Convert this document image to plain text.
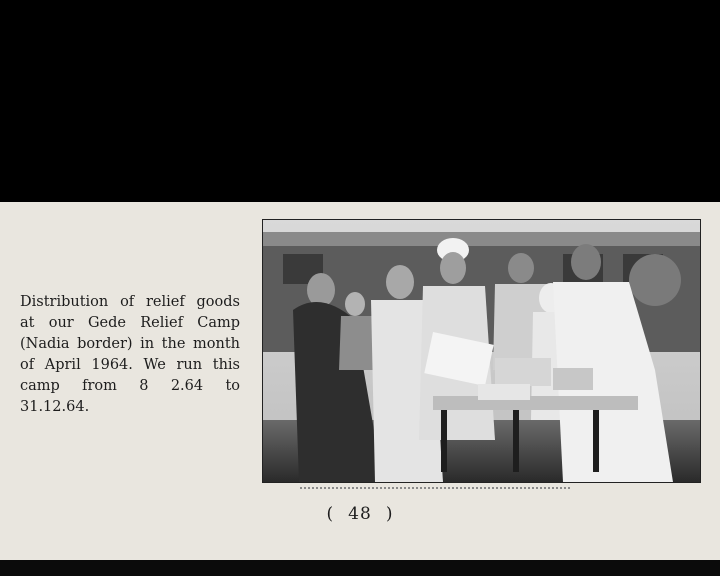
Distribution of relief goods
at our Gede Relief Camp
(Nadia border) in the month
of April 1964. We run this
camp from 8 2.64 to 31.12.64.
( 48 )
